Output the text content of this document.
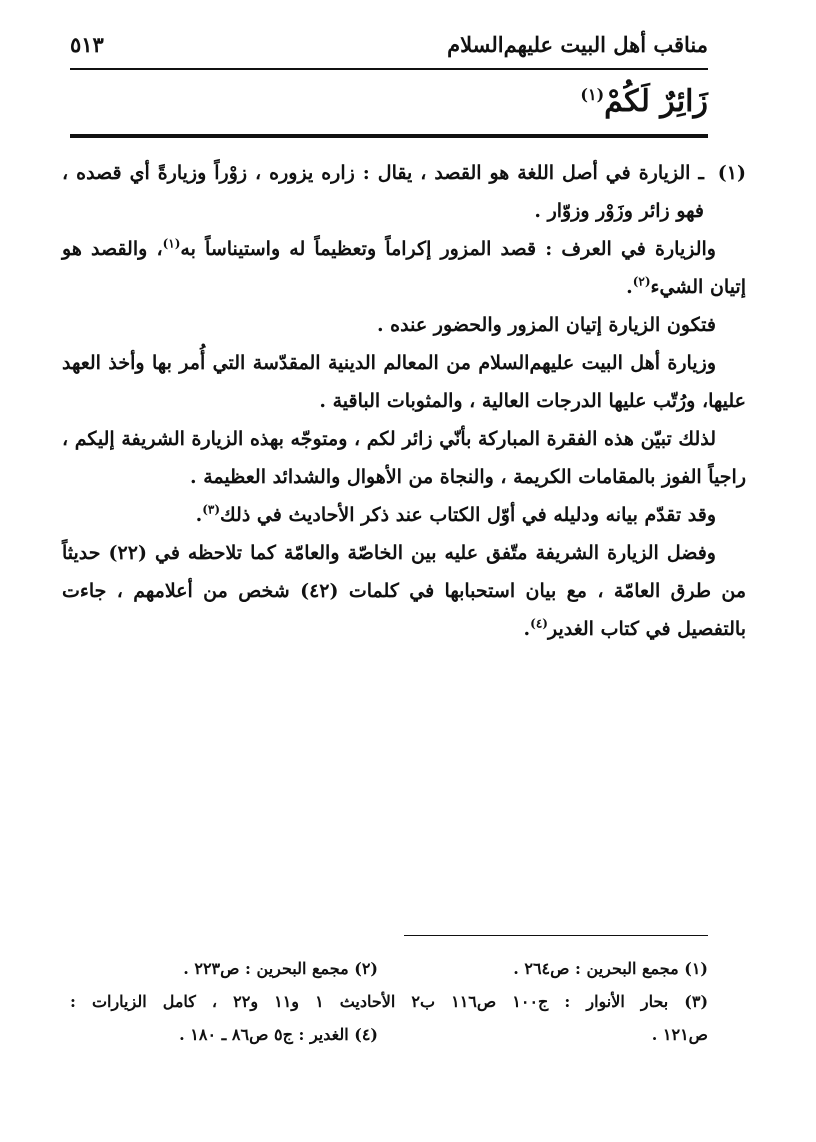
مناقب أهل البيت عليهم‌السلام
٥١٣
زَائِرٌ لَكُمْ$^{(١)}$

(١)
ـ الزيارة في أصل اللغة هو القصد ، يقال : زاره يزوره ، زوْراً وزيارةً أي قصده ، فهو زائر وزَوْر وزوّار .

والزيارة في العرف : قصد المزور إكراماً وتعظيماً له واستيناساً به$^{(١)}$، والقصد هو إتيان الشيء$^{(٢)}$.

فتكون الزيارة إتيان المزور والحضور عنده .

وزيارة أهل البيت عليهم‌السلام من المعالم الدينية المقدّسة التي أُمر بها وأخذ العهد عليها، ورُتّب عليها الدرجات العالية ، والمثوبات الباقية .

لذلك تبيّن هذه الفقرة المباركة بأنّي زائر لكم ، ومتوجّه بهذه الزيارة الشريفة إليكم ، راجياً الفوز بالمقامات الكريمة ، والنجاة من الأهوال والشدائد العظيمة .

وقد تقدّم بيانه ودليله في أوّل الكتاب عند ذكر الأحاديث في ذلك$^{(٣)}$.

وفضل الزيارة الشريفة متّفق عليه بين الخاصّة والعامّة كما تلاحظه في (٢٢) حديثاً من طرق العامّة ، مع بيان استحبابها في كلمات (٤٢) شخص من أعلامهم ، جاءت بالتفصيل في كتاب الغدير$^{(٤)}$.

(١) مجمع البحرين : ص٢٦٤ .
(٢) مجمع البحرين : ص٢٢٣ .
(٣) بحار الأنوار : ج١٠٠ ص١١٦ ب٢ الأحاديث ١ و١١ و٢٢ ، كامل الزيارات :
ص١٢١ .
(٤) الغدير : ج٥ ص٨٦ ـ ١٨٠ .
